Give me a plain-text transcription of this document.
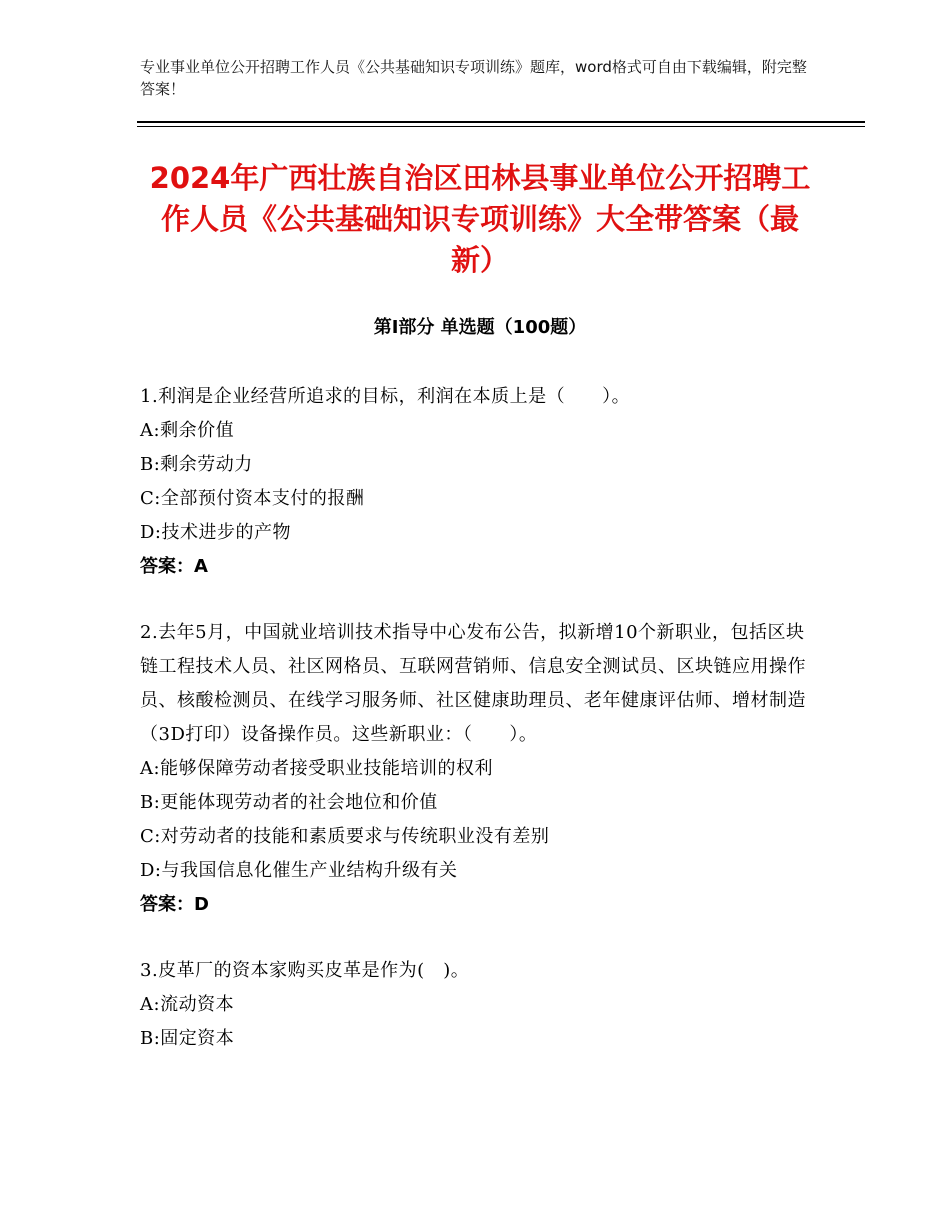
专业事业单位公开招聘工作人员《公共基础知识专项训练》题库，word格式可自由下载编辑，附完整答案！
2024年广西壮族自治区田林县事业单位公开招聘工作人员《公共基础知识专项训练》大全带答案（最新）
第Ⅰ部分 单选题（100题）

1.利润是企业经营所追求的目标，利润在本质上是（　　）。

A:剩余价值

B:剩余劳动力

C:全部预付资本支付的报酬

D:技术进步的产物

答案：A

2.去年5月，中国就业培训技术指导中心发布公告，拟新增10个新职业，包括区块链工程技术人员、社区网格员、互联网营销师、信息安全测试员、区块链应用操作员、核酸检测员、在线学习服务师、社区健康助理员、老年健康评估师、增材制造（3D打印）设备操作员。这些新职业：（　　）。

A:能够保障劳动者接受职业技能培训的权利

B:更能体现劳动者的社会地位和价值

C:对劳动者的技能和素质要求与传统职业没有差别

D:与我国信息化催生产业结构升级有关

答案：D

3.皮革厂的资本家购买皮革是作为(　)。

A:流动资本

B:固定资本
